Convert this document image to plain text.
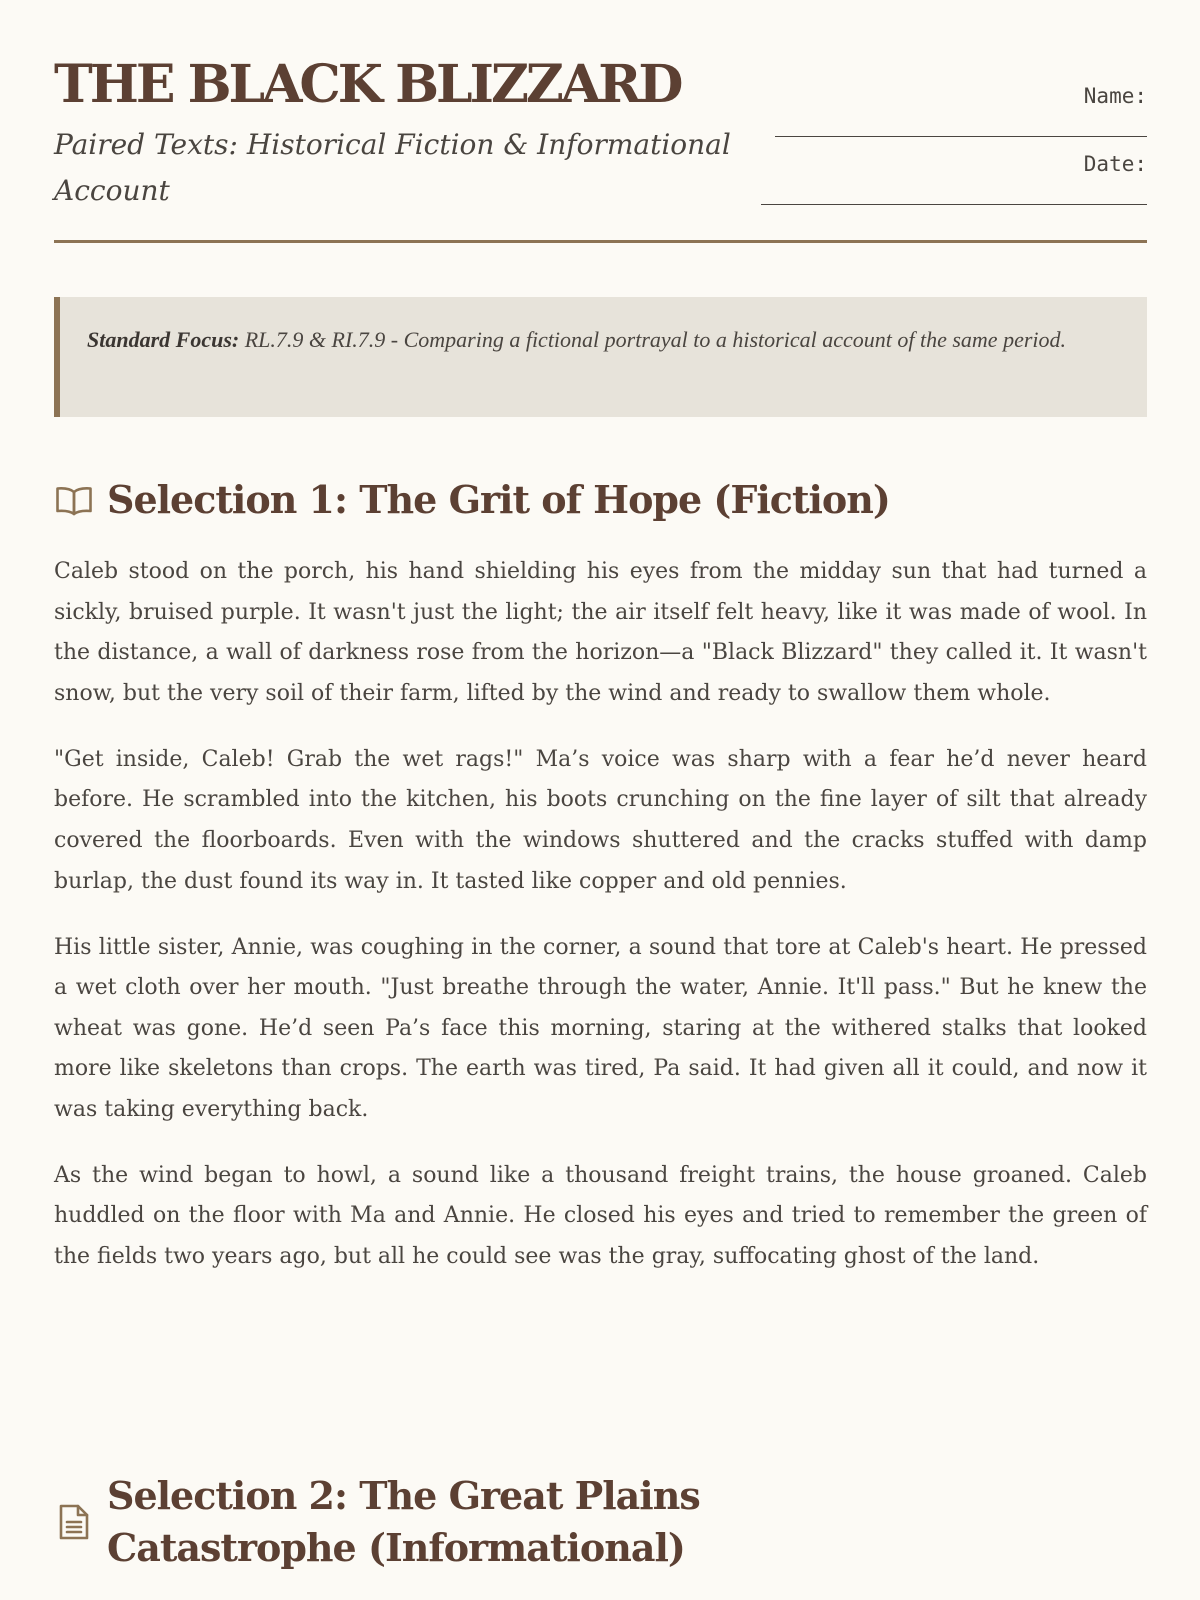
THE BLACK BLIZZARD

Paired Texts: Historical Fiction & Informational Account

Name:
Date:
Standard Focus: RL.7.9 & RI.7.9 - Comparing a fictional portrayal to a historical account of the same period.
Selection 1: The Grit of Hope (Fiction)

Caleb stood on the porch, his hand shielding his eyes from the midday sun that had turned a sickly, bruised purple. It wasn't just the light; the air itself felt heavy, like it was made of wool. In the distance, a wall of darkness rose from the horizon—a "Black Blizzard" they called it. It wasn't snow, but the very soil of their farm, lifted by the wind and ready to swallow them whole.

"Get inside, Caleb! Grab the wet rags!" Ma’s voice was sharp with a fear he’d never heard before. He scrambled into the kitchen, his boots crunching on the fine layer of silt that already covered the floorboards. Even with the windows shuttered and the cracks stuffed with damp burlap, the dust found its way in. It tasted like copper and old pennies.

His little sister, Annie, was coughing in the corner, a sound that tore at Caleb's heart. He pressed a wet cloth over her mouth. "Just breathe through the water, Annie. It'll pass." But he knew the wheat was gone. He’d seen Pa’s face this morning, staring at the withered stalks that looked more like skeletons than crops. The earth was tired, Pa said. It had given all it could, and now it was taking everything back.

As the wind began to howl, a sound like a thousand freight trains, the house groaned. Caleb huddled on the floor with Ma and Annie. He closed his eyes and tried to remember the green of the fields two years ago, but all he could see was the gray, suffocating ghost of the land.

Selection 2: The Great Plains Catastrophe (Informational)
